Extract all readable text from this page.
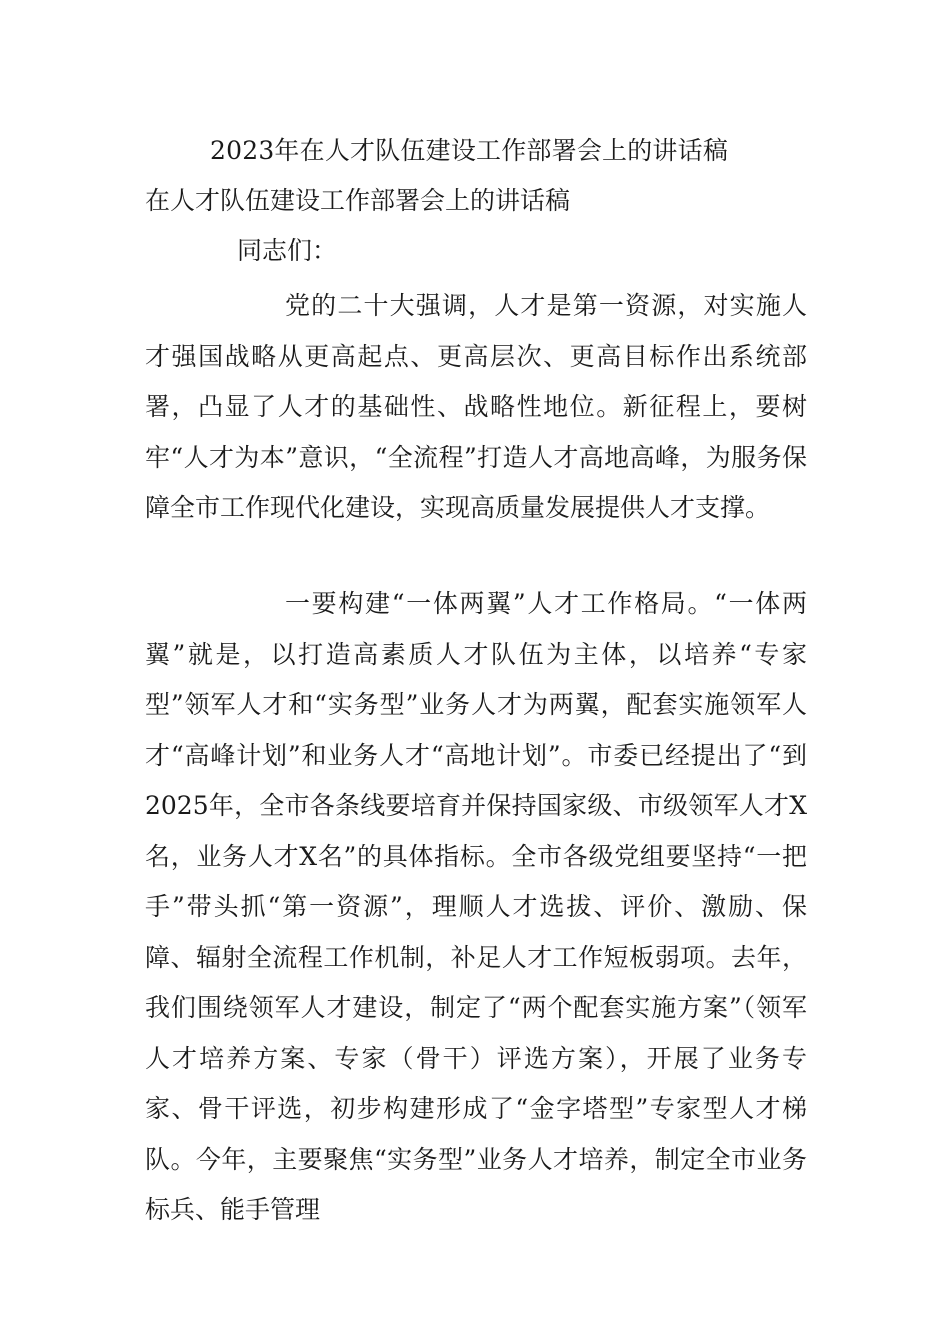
2023年在人才队伍建设工作部署会上的讲话稿
在人才队伍建设工作部署会上的讲话稿
同志们：

党的二十大强调，人才是第一资源，对实施人才强国战略从更高起点、更高层次、更高目标作出系统部署，凸显了人才的基础性、战略性地位。新征程上，要树牢“人才为本”意识，“全流程”打造人才高地高峰，为服务保障全市工作现代化建设，实现高质量发展提供人才支撑。

一要构建“一体两翼”人才工作格局。“一体两翼”就是，以打造高素质人才队伍为主体，以培养“专家型”领军人才和“实务型”业务人才为两翼，配套实施领军人才“高峰计划”和业务人才“高地计划”。市委已经提出了“到2025年，全市各条线要培育并保持国家级、市级领军人才X名，业务人才X名”的具体指标。全市各级党组要坚持“一把手”带头抓“第一资源”，理顺人才选拔、评价、激励、保障、辐射全流程工作机制，补足人才工作短板弱项。去年，我们围绕领军人才建设，制定了“两个配套实施方案”（领军人才培养方案、专家（骨干）评选方案），开展了业务专家、骨干评选，初步构建形成了“金字塔型”专家型人才梯队。今年，主要聚焦“实务型”业务人才培养，制定全市业务标兵、能手管理
